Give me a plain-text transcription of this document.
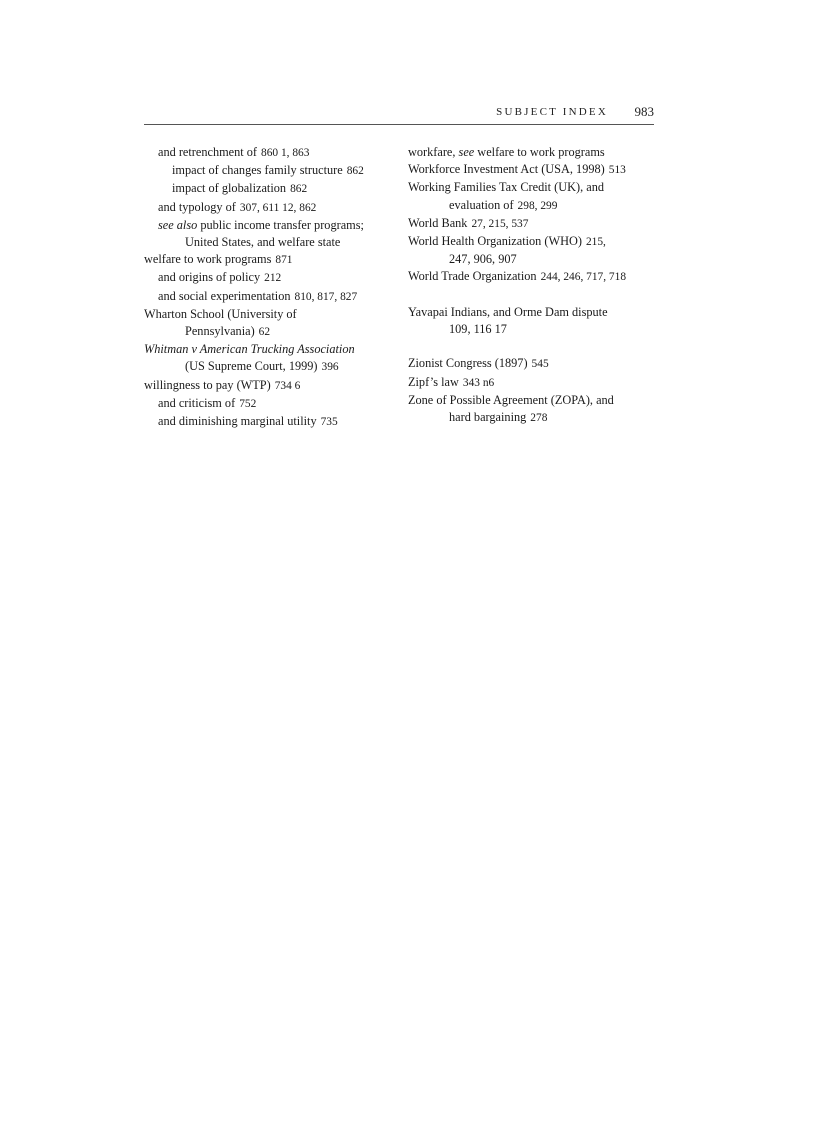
SUBJECT INDEX 983
and retrenchment of 860 1, 863
impact of changes family structure 862
impact of globalization 862
and typology of 307, 611 12, 862
see also public income transfer programs;
United States, and welfare state
welfare to work programs 871
and origins of policy 212
and social experimentation 810, 817, 827
Wharton School (University of
Pennsylvania) 62
Whitman v American Trucking Association
(US Supreme Court, 1999) 396
willingness to pay (WTP) 734 6
and criticism of 752
and diminishing marginal utility 735
workfare, see welfare to work programs
Workforce Investment Act (USA, 1998) 513
Working Families Tax Credit (UK), and
evaluation of 298, 299
World Bank 27, 215, 537
World Health Organization (WHO) 215,
247, 906, 907
World Trade Organization 244, 246, 717, 718
Yavapai Indians, and Orme Dam dispute
109, 116 17
Zionist Congress (1897) 545
Zipf’s law 343 n6
Zone of Possible Agreement (ZOPA), and
hard bargaining 278
